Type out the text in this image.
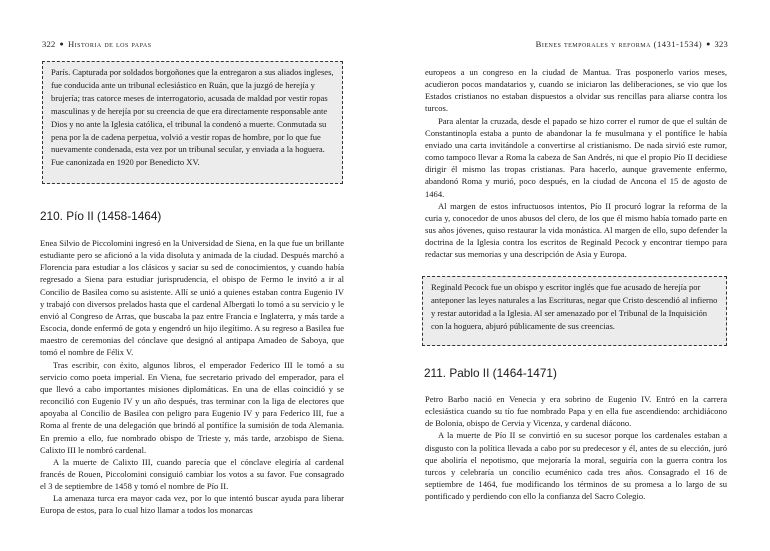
322 ● Historia de los papas
París. Capturada por soldados borgoñones que la entregaron a sus aliados ingleses, fue conducida ante un tribunal eclesiástico en Ruán, que la juzgó de herejía y brujería; tras catorce meses de interrogatorio, acusada de maldad por vestir ropas masculinas y de herejía por su creencia de que era directamente responsable ante Dios y no ante la Iglesia católica, el tribunal la condenó a muerte. Conmutada su pena por la de cadena perpetua, volvió a vestir ropas de hombre, por lo que fue nuevamente condenada, esta vez por un tribunal secular, y enviada a la hoguera. Fue canonizada en 1920 por Benedicto XV.
210. Pío II (1458-1464)

Enea Silvio de Piccolomini ingresó en la Universidad de Siena, en la que fue un brillante estudiante pero se aficionó a la vida disoluta y animada de la ciudad. Después marchó a Florencia para estudiar a los clásicos y saciar su sed de conocimientos, y cuando había regresado a Siena para estudiar jurisprudencia, el obispo de Fermo le invitó a ir al Concilio de Basilea como su asistente. Allí se unió a quienes estaban contra Eugenio IV y trabajó con diversos prelados hasta que el cardenal Albergati lo tomó a su servicio y le envió al Congreso de Arras, que buscaba la paz entre Francia e Inglaterra, y más tarde a Escocia, donde enfermó de gota y engendró un hijo ilegítimo. A su regreso a Basilea fue maestro de ceremonias del cónclave que designó al antipapa Amadeo de Saboya, que tomó el nombre de Félix V.

Tras escribir, con éxito, algunos libros, el emperador Federico III le tomó a su servicio como poeta imperial. En Viena, fue secretario privado del emperador, para el que llevó a cabo importantes misiones diplomáticas. En una de ellas coincidió y se reconcilió con Eugenio IV y un año después, tras terminar con la liga de electores que apoyaba al Concilio de Basilea con peligro para Eugenio IV y para Federico III, fue a Roma al frente de una delegación que brindó al pontífice la sumisión de toda Alemania. En premio a ello, fue nombrado obispo de Trieste y, más tarde, arzobispo de Siena. Calixto III le nombró cardenal.

A la muerte de Calixto III, cuando parecía que el cónclave elegiría al cardenal francés de Rouen, Piccolomini consiguió cambiar los votos a su favor. Fue consagrado el 3 de septiembre de 1458 y tomó el nombre de Pío II.

La amenaza turca era mayor cada vez, por lo que intentó buscar ayuda para liberar Europa de estos, para lo cual hizo llamar a todos los monarcas

Bienes temporales y reforma (1431-1534) ● 323

europeos a un congreso en la ciudad de Mantua. Tras posponerlo varios meses, acudieron pocos mandatarios y, cuando se iniciaron las deliberaciones, se vio que los Estados cristianos no estaban dispuestos a olvidar sus rencillas para aliarse contra los turcos.

Para alentar la cruzada, desde el papado se hizo correr el rumor de que el sultán de Constantinopla estaba a punto de abandonar la fe musulmana y el pontífice le había enviado una carta invitándole a convertirse al cristianismo. De nada sirvió este rumor, como tampoco llevar a Roma la cabeza de San Andrés, ni que el propio Pío II decidiese dirigir él mismo las tropas cristianas. Para hacerlo, aunque gravemente enfermo, abandonó Roma y murió, poco después, en la ciudad de Ancona el 15 de agosto de 1464.

Al margen de estos infructuosos intentos, Pío II procuró lograr la reforma de la curia y, conocedor de unos abusos del clero, de los que él mismo había tomado parte en sus años jóvenes, quiso restaurar la vida monástica. Al margen de ello, supo defender la doctrina de la Iglesia contra los escritos de Reginald Pecock y encontrar tiempo para redactar sus memorias y una descripción de Asia y Europa.

Reginald Pecock fue un obispo y escritor inglés que fue acusado de herejía por anteponer las leyes naturales a las Escrituras, negar que Cristo descendió al infierno y restar autoridad a la Iglesia. Al ser amenazado por el Tribunal de la Inquisición con la hoguera, abjuró públicamente de sus creencias.
211. Pablo II (1464-1471)

Petro Barbo nació en Venecia y era sobrino de Eugenio IV. Entró en la carrera eclesiástica cuando su tío fue nombrado Papa y en ella fue ascendiendo: archidiácono de Bolonia, obispo de Cervia y Vicenza, y cardenal diácono.

A la muerte de Pío II se convirtió en su sucesor porque los cardenales estaban a disgusto con la política llevada a cabo por su predecesor y él, antes de su elección, juró que aboliría el nepotismo, que mejoraría la moral, seguiría con la guerra contra los turcos y celebraría un concilio ecuménico cada tres años. Consagrado el 16 de septiembre de 1464, fue modificando los términos de su promesa a lo largo de su pontificado y perdiendo con ello la confianza del Sacro Colegio.
